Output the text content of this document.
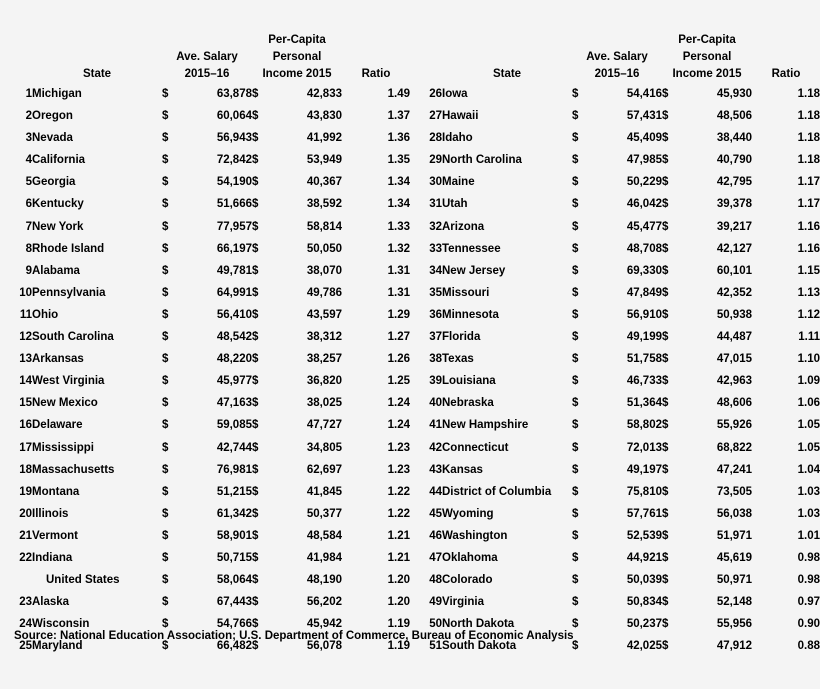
				Per-Capita		
		Ave. Salary		Personal		
	State	2015–16		Income 2015		Ratio
1	Michigan	$	63,878	$	42,833	1.49
2	Oregon	$	60,064	$	43,830	1.37
3	Nevada	$	56,943	$	41,992	1.36
4	California	$	72,842	$	53,949	1.35
5	Georgia	$	54,190	$	40,367	1.34
6	Kentucky	$	51,666	$	38,592	1.34
7	New York	$	77,957	$	58,814	1.33
8	Rhode Island	$	66,197	$	50,050	1.32
9	Alabama	$	49,781	$	38,070	1.31
10	Pennsylvania	$	64,991	$	49,786	1.31
11	Ohio	$	56,410	$	43,597	1.29
12	South Carolina	$	48,542	$	38,312	1.27
13	Arkansas	$	48,220	$	38,257	1.26
14	West Virginia	$	45,977	$	36,820	1.25
15	New Mexico	$	47,163	$	38,025	1.24
16	Delaware	$	59,085	$	47,727	1.24
17	Mississippi	$	42,744	$	34,805	1.23
18	Massachusetts	$	76,981	$	62,697	1.23
19	Montana	$	51,215	$	41,845	1.22
20	Illinois	$	61,342	$	50,377	1.22
21	Vermont	$	58,901	$	48,584	1.21
22	Indiana	$	50,715	$	41,984	1.21
	United States	$	58,064	$	48,190	1.20
23	Alaska	$	67,443	$	56,202	1.20
24	Wisconsin	$	54,766	$	45,942	1.19
25	Maryland	$	66,482	$	56,078	1.19
				Per-Capita		
		Ave. Salary		Personal		
	State	2015–16		Income 2015		Ratio
26	Iowa	$	54,416	$	45,930	1.18
27	Hawaii	$	57,431	$	48,506	1.18
28	Idaho	$	45,409	$	38,440	1.18
29	North Carolina	$	47,985	$	40,790	1.18
30	Maine	$	50,229	$	42,795	1.17
31	Utah	$	46,042	$	39,378	1.17
32	Arizona	$	45,477	$	39,217	1.16
33	Tennessee	$	48,708	$	42,127	1.16
34	New Jersey	$	69,330	$	60,101	1.15
35	Missouri	$	47,849	$	42,352	1.13
36	Minnesota	$	56,910	$	50,938	1.12
37	Florida	$	49,199	$	44,487	1.11
38	Texas	$	51,758	$	47,015	1.10
39	Louisiana	$	46,733	$	42,963	1.09
40	Nebraska	$	51,364	$	48,606	1.06
41	New Hampshire	$	58,802	$	55,926	1.05
42	Connecticut	$	72,013	$	68,822	1.05
43	Kansas	$	49,197	$	47,241	1.04
44	District of Columbia	$	75,810	$	73,505	1.03
45	Wyoming	$	57,761	$	56,038	1.03
46	Washington	$	52,539	$	51,971	1.01
47	Oklahoma	$	44,921	$	45,619	0.98
48	Colorado	$	50,039	$	50,971	0.98
49	Virginia	$	50,834	$	52,148	0.97
50	North Dakota	$	50,237	$	55,956	0.90
51	South Dakota	$	42,025	$	47,912	0.88
Source: National Education Association; U.S. Department of Commerce, Bureau of Economic Analysis
